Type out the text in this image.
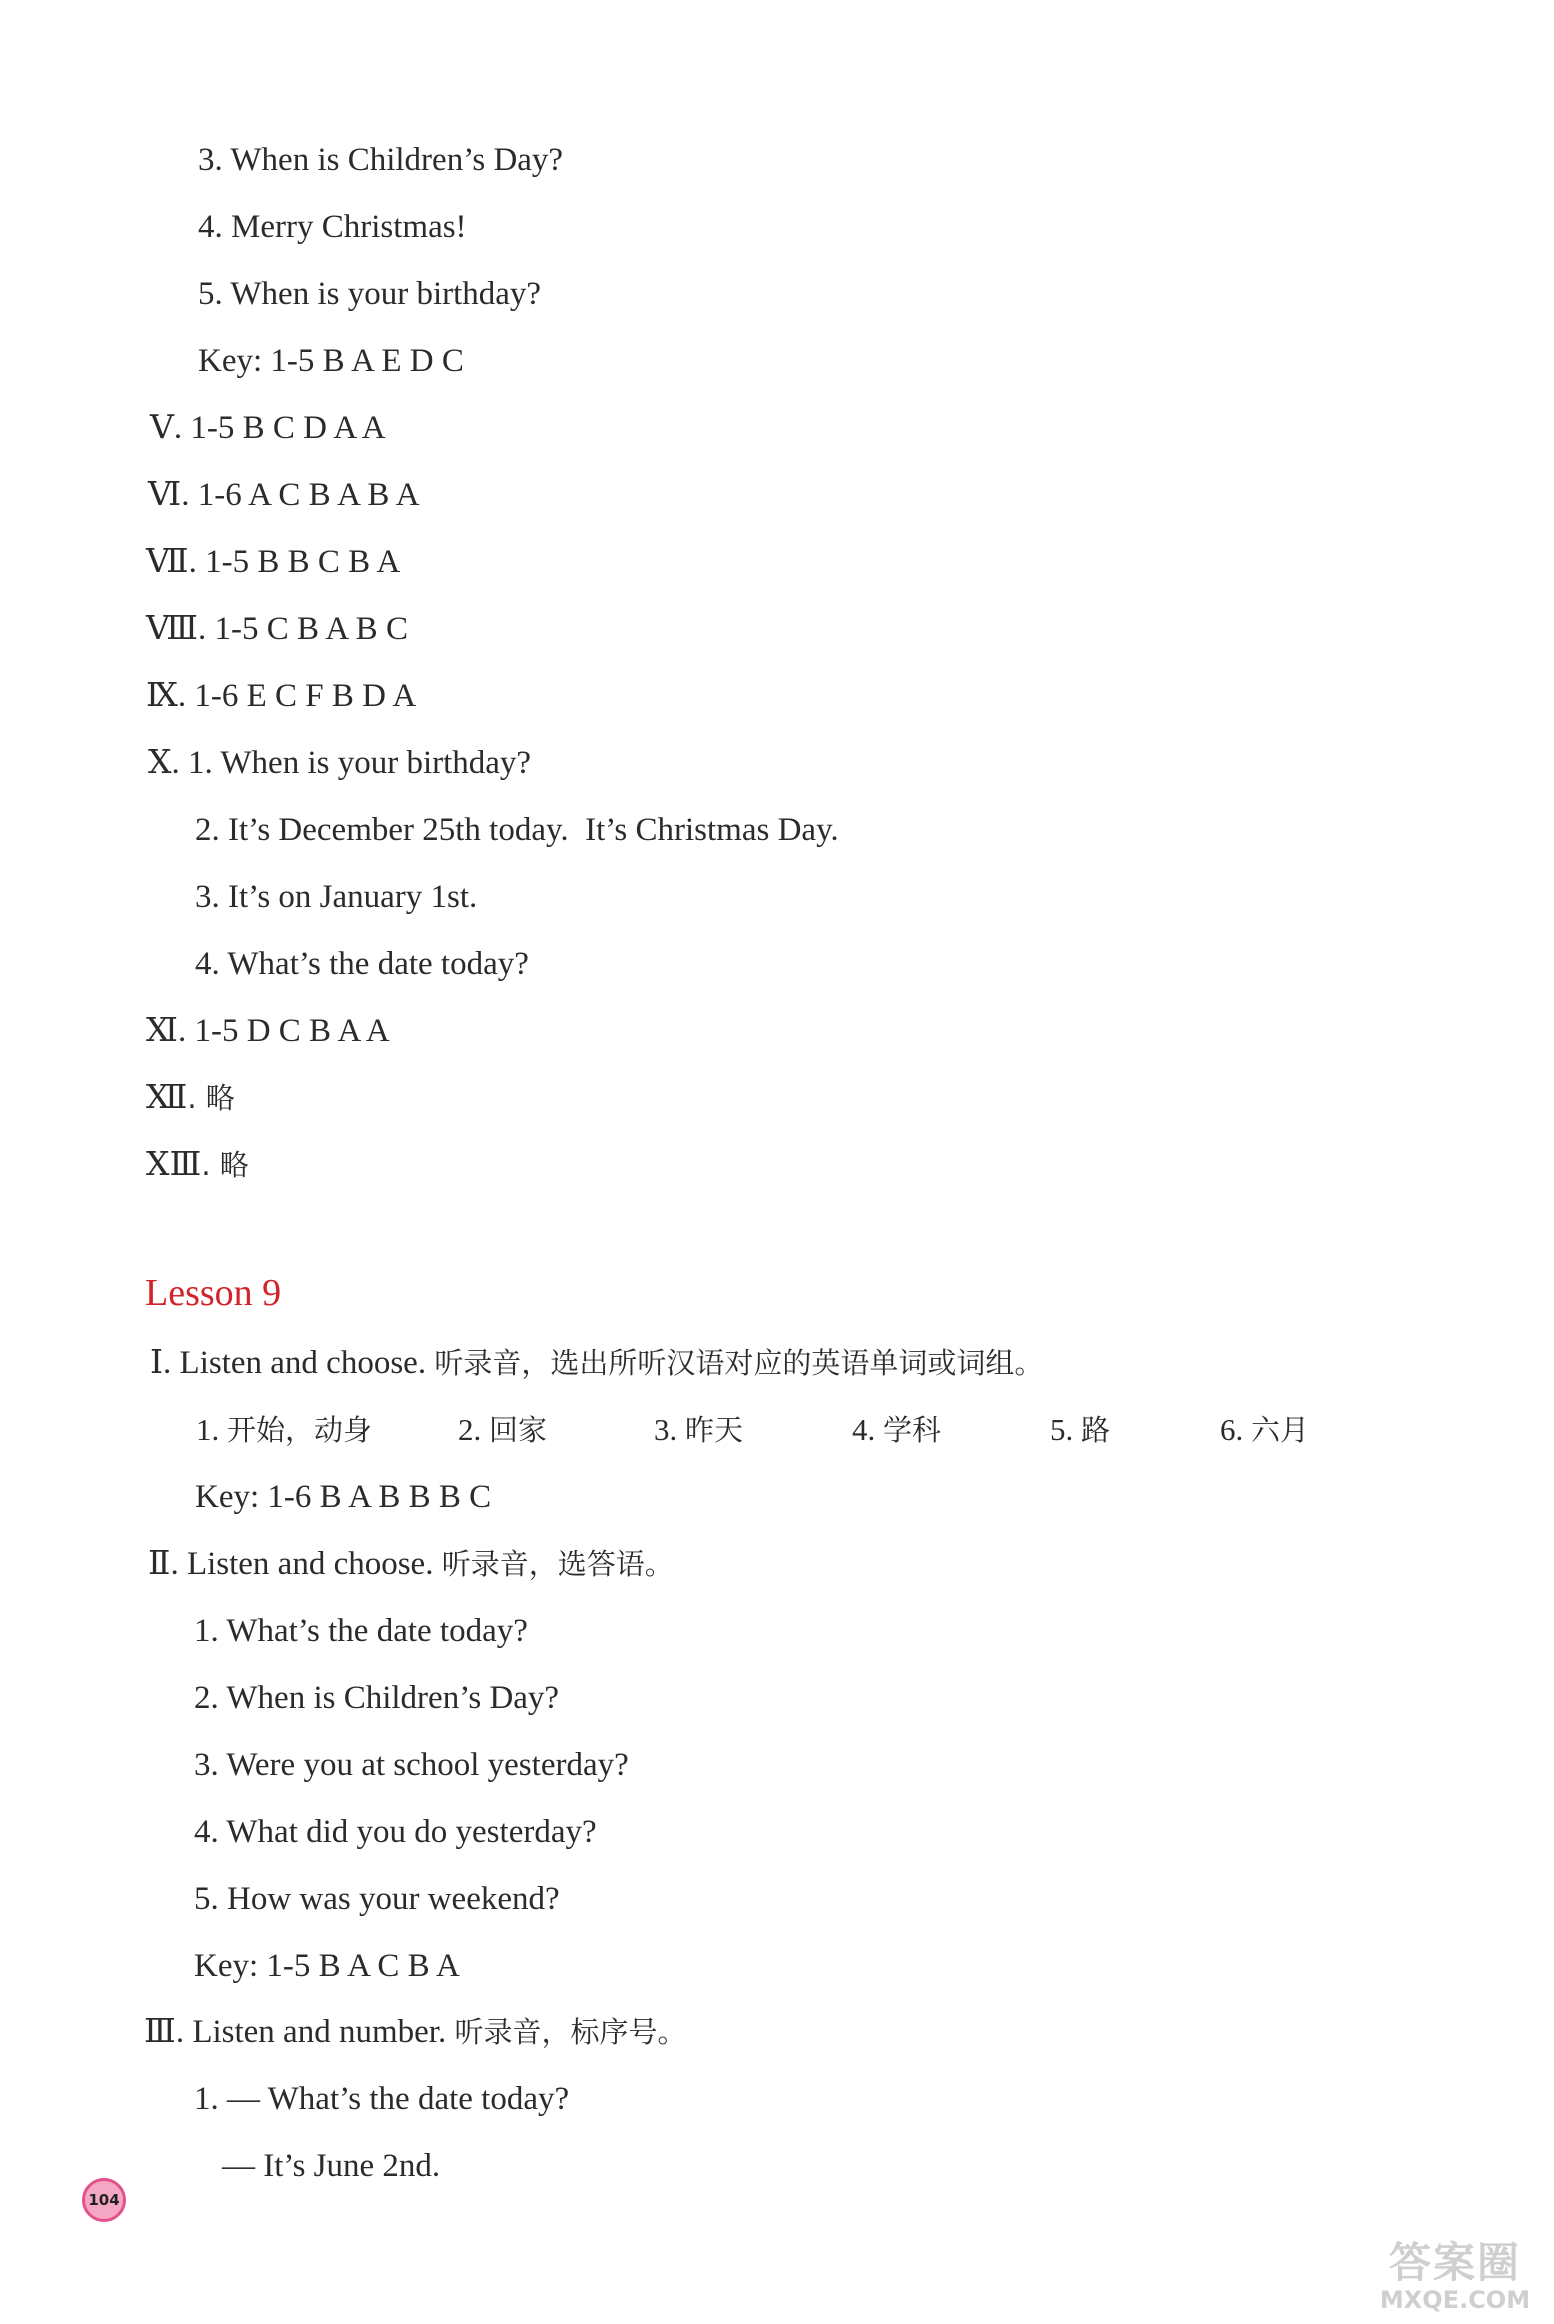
3. When is Children’s Day?
4. Merry Christmas!
5. When is your birthday?
Key: 1-5 B A E D C
Ⅴ. 1-5 B C D A A
Ⅵ. 1-6 A C B A B A
Ⅶ. 1-5 B B C B A
Ⅷ. 1-5 C B A B C
Ⅸ. 1-6 E C F B D A
Ⅹ. 1. When is your birthday?
2. It’s December 25th today.  It’s Christmas Day.
3. It’s on January 1st.
4. What’s the date today?
Ⅺ. 1-5 D C B A A
Ⅻ. 略
ⅩⅢ. 略
Lesson 9
Ⅰ. Listen and choose. 听录音，选出所听汉语对应的英语单词或词组。
1. 开始，动身	2. 回家	3. 昨天	4. 学科	5. 路	6. 六月
Key: 1-6 B A B B B C
Ⅱ. Listen and choose. 听录音，选答语。
1. What’s the date today?
2. When is Children’s Day?
3. Were you at school yesterday?
4. What did you do yesterday?
5. How was your weekend?
Key: 1-5 B A C B A
Ⅲ. Listen and number. 听录音，标序号。
1. — What’s the date today?
— It’s June 2nd.
104
答案圈
MXQE.COM
